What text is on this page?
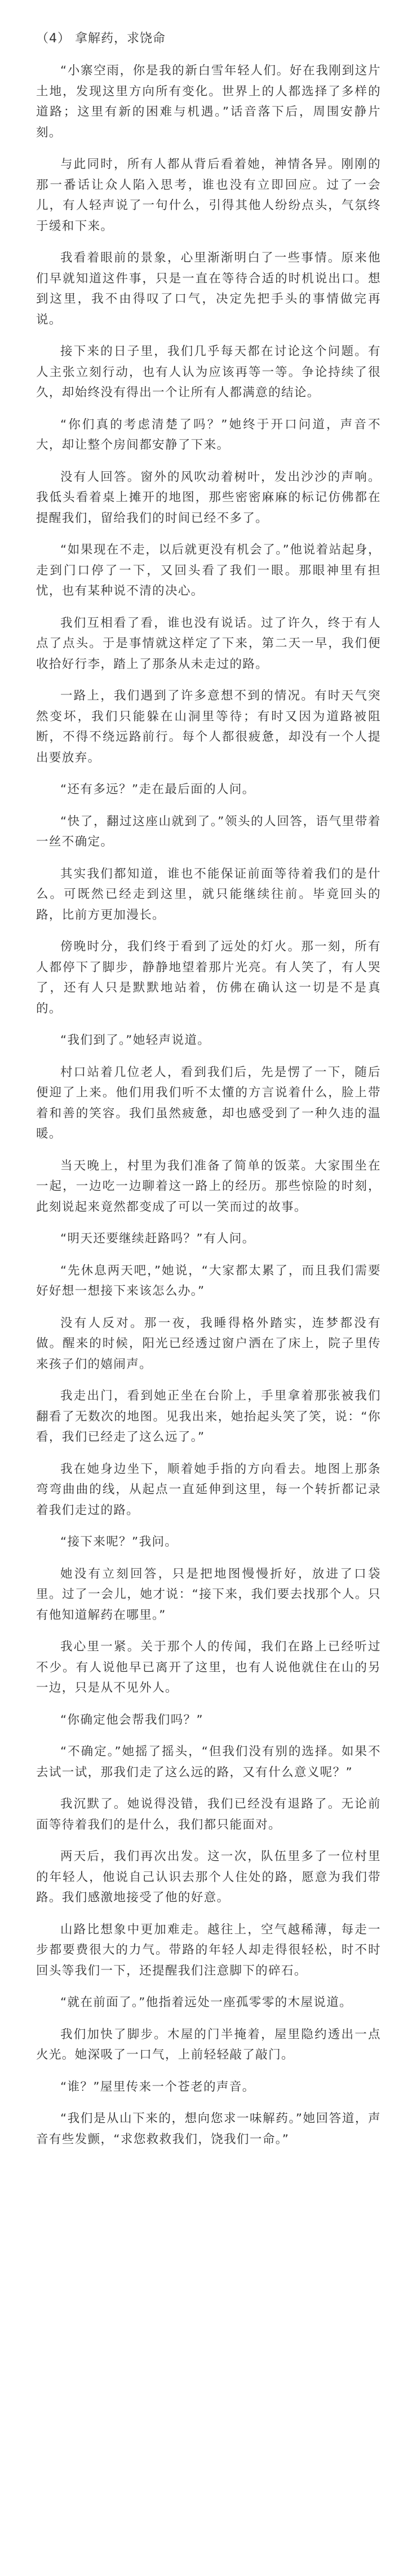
（4） 拿解药，求饶命

“小寨空雨，你是我的新白雪年轻人们。好在我刚到这片土地，发现这里方向所有变化。世界上的人都选择了多样的道路；这里有新的困难与机遇。”话音落下后，周围安静片刻。

与此同时，所有人都从背后看着她，神情各异。刚刚的那一番话让众人陷入思考，谁也没有立即回应。过了一会儿，有人轻声说了一句什么，引得其他人纷纷点头，气氛终于缓和下来。

我看着眼前的景象，心里渐渐明白了一些事情。原来他们早就知道这件事，只是一直在等待合适的时机说出口。想到这里，我不由得叹了口气，决定先把手头的事情做完再说。

接下来的日子里，我们几乎每天都在讨论这个问题。有人主张立刻行动，也有人认为应该再等一等。争论持续了很久，却始终没有得出一个让所有人都满意的结论。

“你们真的考虑清楚了吗？”她终于开口问道，声音不大，却让整个房间都安静了下来。

没有人回答。窗外的风吹动着树叶，发出沙沙的声响。我低头看着桌上摊开的地图，那些密密麻麻的标记仿佛都在提醒我们，留给我们的时间已经不多了。

“如果现在不走，以后就更没有机会了。”他说着站起身，走到门口停了一下，又回头看了我们一眼。那眼神里有担忧，也有某种说不清的决心。

我们互相看了看，谁也没有说话。过了许久，终于有人点了点头。于是事情就这样定了下来，第二天一早，我们便收拾好行李，踏上了那条从未走过的路。

一路上，我们遇到了许多意想不到的情况。有时天气突然变坏，我们只能躲在山洞里等待；有时又因为道路被阻断，不得不绕远路前行。每个人都很疲惫，却没有一个人提出要放弃。

“还有多远？”走在最后面的人问。

“快了，翻过这座山就到了。”领头的人回答，语气里带着一丝不确定。

其实我们都知道，谁也不能保证前面等待着我们的是什么。可既然已经走到这里，就只能继续往前。毕竟回头的路，比前方更加漫长。

傍晚时分，我们终于看到了远处的灯火。那一刻，所有人都停下了脚步，静静地望着那片光亮。有人笑了，有人哭了，还有人只是默默地站着，仿佛在确认这一切是不是真的。

“我们到了。”她轻声说道。

村口站着几位老人，看到我们后，先是愣了一下，随后便迎了上来。他们用我们听不太懂的方言说着什么，脸上带着和善的笑容。我们虽然疲惫，却也感受到了一种久违的温暖。

当天晚上，村里为我们准备了简单的饭菜。大家围坐在一起，一边吃一边聊着这一路上的经历。那些惊险的时刻，此刻说起来竟然都变成了可以一笑而过的故事。

“明天还要继续赶路吗？”有人问。

“先休息两天吧，”她说，“大家都太累了，而且我们需要好好想一想接下来该怎么办。”

没有人反对。那一夜，我睡得格外踏实，连梦都没有做。醒来的时候，阳光已经透过窗户洒在了床上，院子里传来孩子们的嬉闹声。

我走出门，看到她正坐在台阶上，手里拿着那张被我们翻看了无数次的地图。见我出来，她抬起头笑了笑，说：“你看，我们已经走了这么远了。”

我在她身边坐下，顺着她手指的方向看去。地图上那条弯弯曲曲的线，从起点一直延伸到这里，每一个转折都记录着我们走过的路。

“接下来呢？”我问。

她没有立刻回答，只是把地图慢慢折好，放进了口袋里。过了一会儿，她才说：“接下来，我们要去找那个人。只有他知道解药在哪里。”

我心里一紧。关于那个人的传闻，我们在路上已经听过不少。有人说他早已离开了这里，也有人说他就住在山的另一边，只是从不见外人。

“你确定他会帮我们吗？”

“不确定。”她摇了摇头，“但我们没有别的选择。如果不去试一试，那我们走了这么远的路，又有什么意义呢？”

我沉默了。她说得没错，我们已经没有退路了。无论前面等待着我们的是什么，我们都只能面对。

两天后，我们再次出发。这一次，队伍里多了一位村里的年轻人，他说自己认识去那个人住处的路，愿意为我们带路。我们感激地接受了他的好意。

山路比想象中更加难走。越往上，空气越稀薄，每走一步都要费很大的力气。带路的年轻人却走得很轻松，时不时回头等我们一下，还提醒我们注意脚下的碎石。

“就在前面了。”他指着远处一座孤零零的木屋说道。

我们加快了脚步。木屋的门半掩着，屋里隐约透出一点火光。她深吸了一口气，上前轻轻敲了敲门。

“谁？”屋里传来一个苍老的声音。

“我们是从山下来的，想向您求一味解药。”她回答道，声音有些发颤，“求您救救我们，饶我们一命。”
